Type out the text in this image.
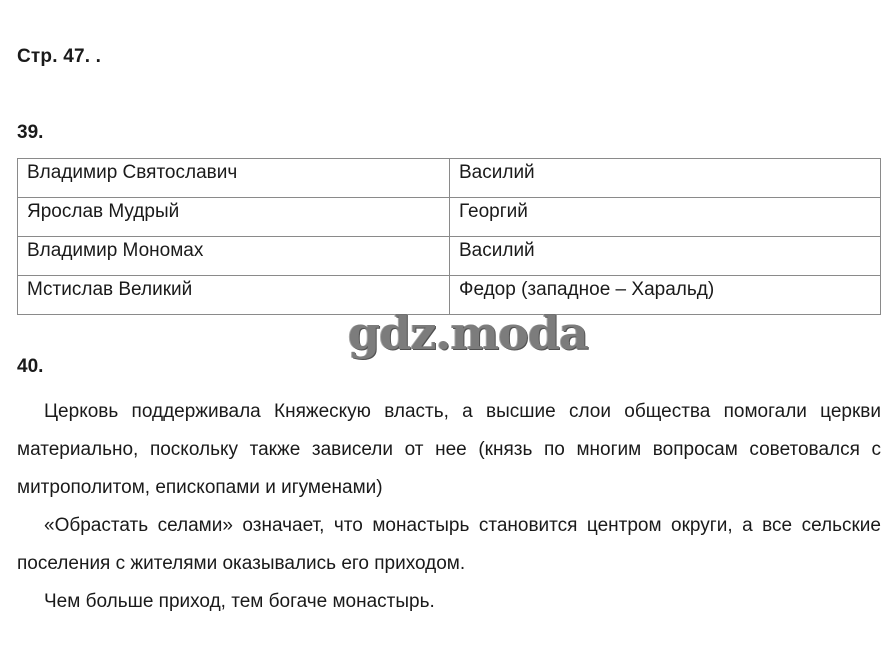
Стр. 47. .
39.
Владимир Святославич	Василий
Ярослав Мудрый	Георгий
Владимир Мономах	Василий
Мстислав Великий	Федор (западное – Харальд)
gdz.moda
40.

Церковь поддерживала Княжескую власть, а высшие слои общества помогали церкви материально, поскольку также зависели от нее (князь по многим вопросам советовался с митрополитом, епископами и игуменами)

«Обрастать селами» означает, что монастырь становится центром округи, а все сельские поселения с жителями оказывались его приходом.

Чем больше приход, тем богаче монастырь.
